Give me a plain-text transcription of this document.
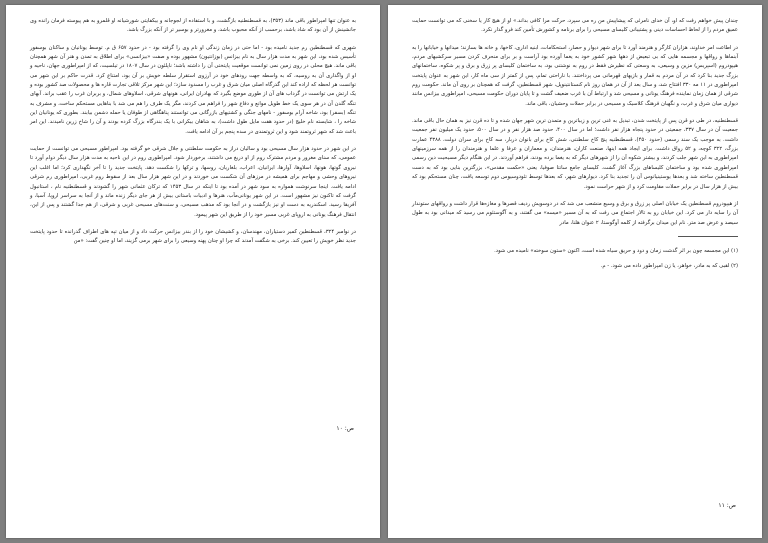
به عنوان تنها امپراطور باقی ماند (۳۵۳)، به قسطنطنیه بازگشت، و با استفاده از لجوجانه و بیکفایتی شورشیانه او قلمرو به هم پیوسته فرمان رانده وی جانشینش از آن بود که شاد باشد، برحسب از آنکه محبوب باشد، و مغرورتر و بوسیر تر از آنکه بزرگ باشد.

شهری که قسطنطین رم جدید نامیده بود - اما حتی در زمان زندگی او نام وی را گرفته بود - در حدود ۶۵۷ ق م. توسط یونانیان و ساکنان بوسفور تأسیس شده بود، این شهر به مدت هزار سال به نام بیزانس (بوزانتیون) مشهور بوده و صفت «بیزانسی» برای اطلاق به تمدن و هنر آن شهر همچنان باقی ماند. هیچ محلی در روی زمین نمی توانست موقعیت پایتختی آن را داشته باشد؛ ناپلئون در سال ۱۸۰۷ در تیلسیت، که از امپراطوری جهان، ناحیه و او از واگذاری آن به روسیه، که به واسطه جهت رودهای خود در آرزوی استقرار سلطه خویش بر آن بود، امتناع کرد. قدرت حاکم بر این شهر می توانست هر لحظه که اراده کند این گذرگاه اصلی میان شرق و غرب را مسدود سازد؛ این شهر مرکز تلاقی تجارت قاره ها و محصولات صد کشور بوده و یک ارتش می توانست در گرداب های آن از طوری موضع بگیرد که بهادران ایرانی، هونهای شرقی، اسلاوهای شمال، و بربران غرب را عقب براند. آبهای تنگه گلدن آن در هر سوی یک خط طویل موانع و دفاع شهر را فراهم می کردند، مگر یک طرف را هم می شد با بناهایی مستحکم ساخت، و مشرف به تنگه (بسفر) بود، شاخه آرام بوسفور - نامهای جنگی و کشتیهای بازرگانی می توانستند پناهگاهی از طوفان یا حمله دشمن بیابند. بطوری که یونانیان این شاخه را ، شایسته نام خلیج (در حدود هفت مایل طول داشت)، به شاهان بیکرانی با یک بندرگاه بزرگ کرده بودند و آن را شاخ زرین نامیدند. این امر باعث شد که شهر ثروتمند شود و این ثروتمندی در سده پنجم بر آن ادامه یافت.

در این شهر در حدود هزار سال مسیحی بود و سالیان دراز به حکومت سلطنتی و جلال شرقی خو گرفته بود. امپراطور مسیحی می توانست از حمایت عمومی، که سنای مغرور و مردم مشترک روم از او دریغ می داشتند، برخوردار شود. امپراطوری روم در این ناحیه به مدت هزار سال دیگر دوام آورد تا نیروی گوتها، هونها، اسلاوها، آوارها، ایرانیان، اعراب، بلغاریان، روسها، و ترکها را شکست دهد. پایتخت جدید را تا آخر نگهداری کرد؛ اما اغلب این نیروهای وحشی و مهاجم برای همیشه در مرزهای آن شکست می خوردند و در این شهر هزار سال بعد از سقوط روم غربی، امپراطوری رم شرقی ادامه یافت. اینجا سرنوشت همواره به سود شهر در آمده بود تا اینکه در سال ۱۴۵۳ که ترکان عثمانی شهر را گشودند و قسطنطنیه نام ، استانبول گرفت که تاکنون نیز مشهور است. در این شهر یونانی‌مآب، هنرها و ادبیات باستانی بیش از هر جای دیگر زنده ماند و از آنجا به سراسر اروپا، آسیا، و آفریقا رسید. اسکندریه به دست او نیز بازگشت و در آنجا بود که مذهب مسیحی، و سنت‌های مسیحی غربی و شرقی، از هم جدا گشتند و پس از این، انتقال فرهنگ یونانی به اروپای غربی مسیر خود را از طریق این شهر پیمود.

در نوامبر ۳۲۴، قسطنطین کمیر دستیاران، مهندسان، و کشیشان خود را از بندر بیزانس حرکت داد و از میان تپه های اطراف گذرانده تا حدود پایتخت جدید نظر خویش را تعیین کند. برخی به شگفت آمدند که چرا او چنان پهنه وسیعی را برای شهر برمی گزیند، اما او چنین گفت: «من

ص: ۱۰

چندان پیش خواهم رفت که او، آن خدای نامرئی که پیشاپیش من ره می سپرد، حرکت مرا کافی بداند.» او از هیچ کار یا سخنی که می توانست حمایت عمیق مردم را از لحاظ احساسات دینی و پشتیبانی کلیسای مسیحی را برای برنامه و کشورش تأمین کند فرو گذار نکرد.

در اطاعت امر خداوند، هزاران کارگر و هنرمند آورد تا برای شهر دیوار و حصار، استحکامات، ابنیه اداری، کاخها، و خانه ها بسازند؛ میدانها و خیابانها را به آبنماها و رواقها و مجسمه هایی که بی تبعیض از دهها شهر کشور خود به یغما آورده بود آراست و بر برای منحرف کردن مسیر سرکشیهای مردم، هیپودروم (اسپریس) مزین و وسیعی، به وسعتی که نظیرش فقط در روم به نوشتنی بود، به ساختمان کلیسای پر زرق و برق و پر شکوه، ساختمانهای بزرگ جدید بنا کرد که در آن مردم به قمار و بازیهای قهرمانی می پرداختند. با ناراحتی تمام، پس از کمتر از سی ماه کار، این شهر به عنوان پایتخت امپراطوری در ۱۱ مه ۳۳۰ افتتاح شد، و سال بعد از آن در همان روز نام کنستانتینوپل، شهر قسطنطین، گرفت که همچنان بر روی آن ماند. حکومت روم شرقی از همان زمان نماینده فرهنگ یونانی و مسیحی شد و ارتباط آن با غرب ضعیف گشت و تا پایان دوران حکومت مسیحی، امپراطوری بیزانس مانند دیواری میان شرق و غرب، و نگهبان فرهنگ کلاسیک و مسیحی در برابر حملات وحشیان، باقی ماند.

قسطنطنیه، در طی دو قرن پس از پایتخت شدن، تبدیل به غنی ترین و زیباترین و متمدن ترین شهر جهان شده و تا ده قرن نیز به همان حال باقی ماند. جمعیت آن در سال ۳۳۷، جمعیتی در حدود پنجاه هزار نفر داشت؛ اما در سال ۴۰۰، حدود صد هزار نفر و در سال ۵۰۰، حدود یک میلیون نفر جمعیت داشت. به موجب یک سند رسمی (حدود ۴۵۰)، قسطنطنیه پنج کاخ سلطنتی، شش کاخ برای بانوان دربار، سه کاخ برای سران دولت، ۴۳۸۸ عمارت بزرگ، ۳۲۲ کوچه، و ۵۲ رواق داشت. برای ایجاد همه اینها، صنعت کاران، هنرمندان، و معماران و عرفا و علما و هنرمندان را از همه سرزمینهای امپراطوری به این شهر جلب کردند، و بیشتر شکوه آن را از شهرهای دیگر که به یغما برده بودند، فراهم آوردند. در این هنگام دیگر مسیحیت دین رسمی امپراطوری شده بود و ساختمان کلیساهای بزرگ آغاز گشت. کلیسای جامع سانتا صوفیا، یعنی «حکمت مقدس»، بزرگترین بنایی بود که به دست قسطنطین ساخته شد و بعدها یوستینیانوس آن را تجدید بنا کرد. دیوارهای شهر، که بعدها توسط تئودوسیوس دوم توسعه یافت، چنان مستحکم بود که بیش از هزار سال در برابر حملات مقاومت کرد و از شهر حراست نمود.

از هیپودروم قسطنطین یک خیابان اصلی پر زرق و برق و وسیع منشعب می شد که در دوسویش ردیف قصرها و مغازه‌ها قرار داشت و رواقهای ستوندار آن را سایه دار می کرد. این خیابان رو به تالار اجتماع می رفت که به آن مسیر «میسه» می گفتند، و به آگوستئوم می رسید که میدانی بود به طول سیصد و عرض صد متر. نام این میدان برگرفته از کلمه آوگوستا، ۲ عنوان هلنا، مادر

(۱) این مجسمه چون بر اثر گذشت زمان و دود و حریق سیاه شده است، اکنون «ستون سوخته» نامیده می شود.

(۲) لقبی که به مادر، خواهر، یا زن امپراطور داده می شود. - م.

ص: ۱۱
